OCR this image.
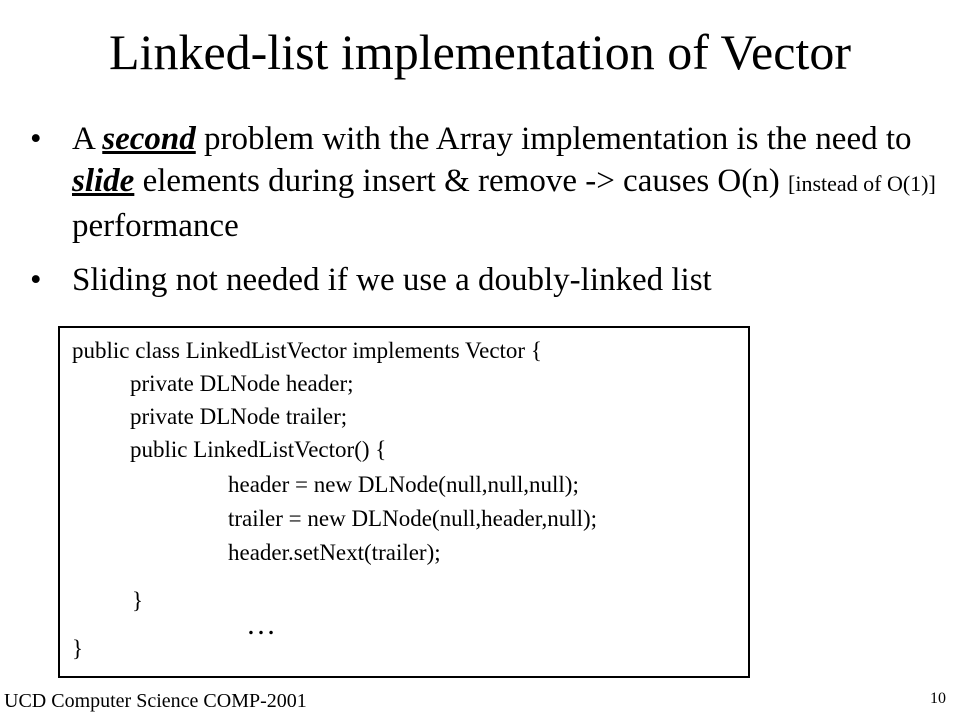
Linked-list implementation of Vector
• A second problem with the Array implementation is the need to slide elements during insert & remove -> causes O(n) [instead of O(1)] performance
• Sliding not needed if we use a doubly-linked list
public class LinkedListVector implements Vector {
private DLNode header;
private DLNode trailer;
public LinkedListVector() {
header = new DLNode(null,null,null);
trailer = new DLNode(null,header,null);
header.setNext(trailer);
}
…
}
UCD Computer Science COMP-2001	10
